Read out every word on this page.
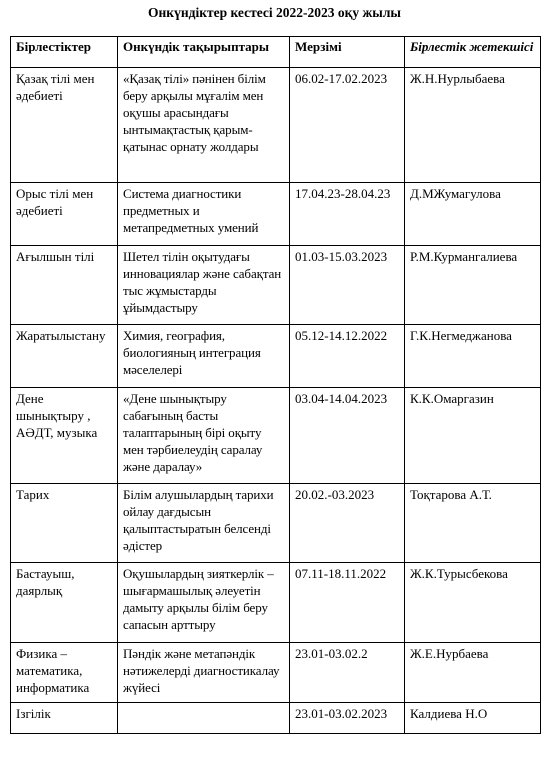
Онкүндіктер кестесі 2022-2023 оқу жылы
Бірлестіктер	Онкүндік тақырыптары	Мерзімі	Бірлестік жетекшісі
Қазақ тілі мен әдебиеті	«Қазақ тілі» пәнінен білім беру арқылы мұғалім мен оқушы арасындағы ынтымақтастық қарым-қатынас орнату жолдары	06.02-17.02.2023	Ж.Н.Нурлыбаева
Орыс тілі мен әдебиеті	Система диагностики предметных и метапредметных умений	17.04.23-28.04.23	Д.МЖумагулова
Ағылшын тілі	Шетел тілін оқытудағы инновациялар және сабақтан тыс жұмыстарды ұйымдастыру	01.03-15.03.2023	Р.М.Курмангалиева
Жаратылыстану	Химия, география, биологияның интеграция мәселелері	05.12-14.12.2022	Г.К.Негмеджанова
Дене шынықтыру , АӘДТ, музыка	«Дене шынықтыру сабағының басты талаптарының бірі оқыту мен тәрбиелеудің саралау және даралау»	03.04-14.04.2023	К.К.Омаргазин
Тарих	Білім алушылардың тарихи ойлау дағдысын қалыптастыратын белсенді әдістер	20.02.-03.2023	Тоқтарова А.Т.
Бастауыш, даярлық	Оқушылардың зияткерлік –шығармашылық әлеуетін дамыту арқылы білім беру сапасын арттыру	07.11-18.11.2022	Ж.К.Турысбекова
Физика – математика, информатика	Пәндік және метапәндік нәтижелерді диагностикалау жүйесі	23.01-03.02.2	Ж.Е.Нурбаева
Ізгілік		23.01-03.02.2023	Калдиева Н.О
